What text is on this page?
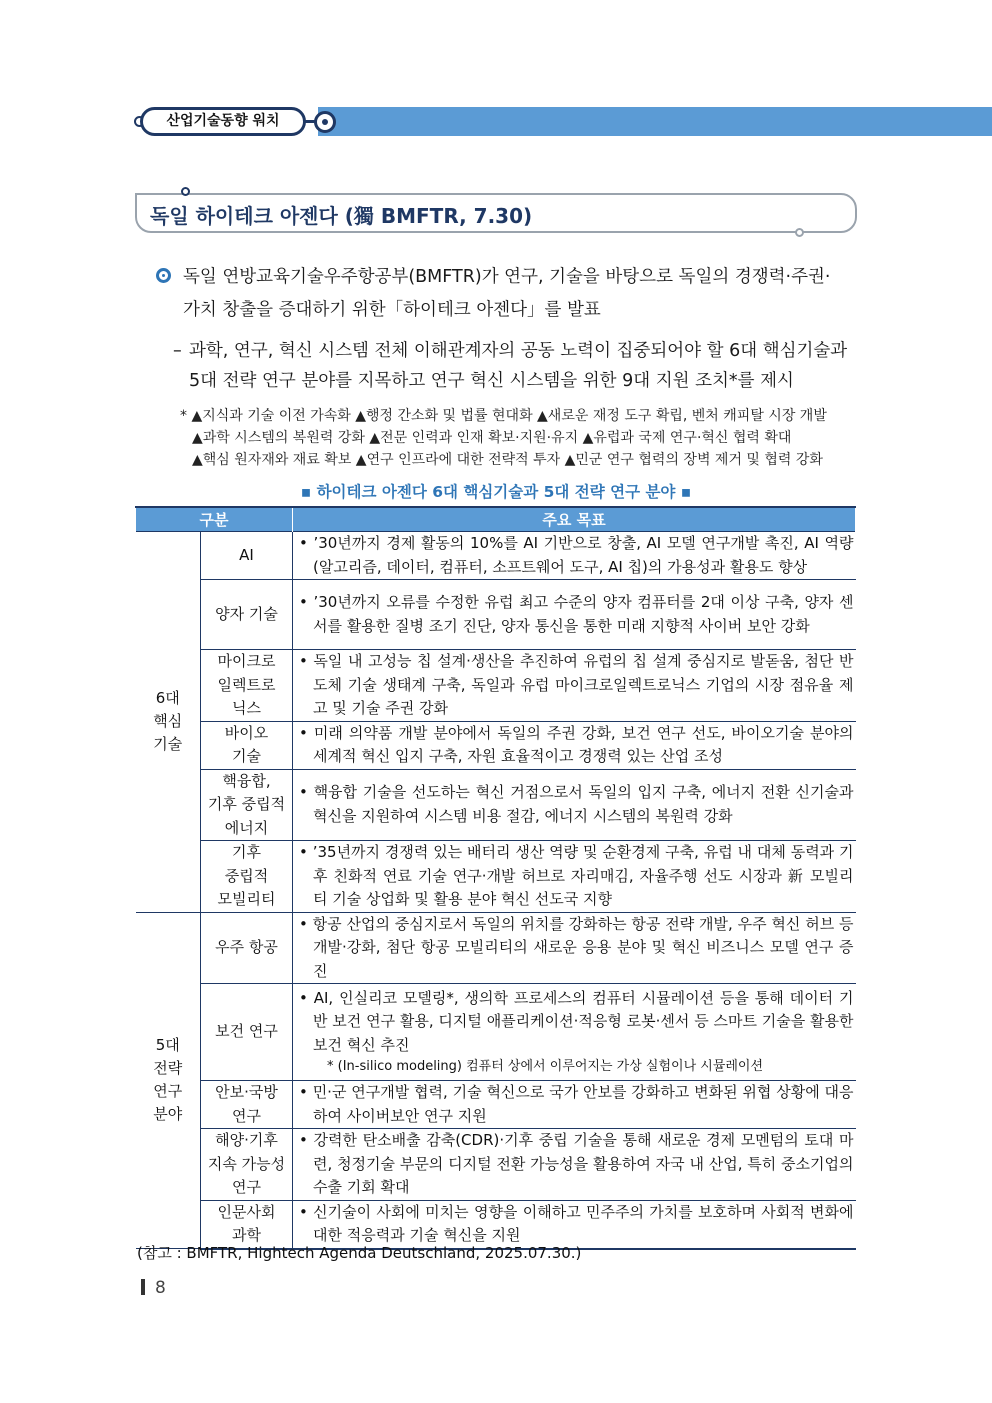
산업기술동향 워치
독일 하이테크 아젠다 (獨 BMFTR, 7.30)
독일 연방교육기술우주항공부(BMFTR)가 연구, 기술을 바탕으로 독일의 경쟁력·주권·
가치 창출을 증대하기 위한「하이테크 아젠다」를 발표
– 과학, 연구, 혁신 시스템 전체 이해관계자의 공동 노력이 집중되어야 할 6대 핵심기술과
5대 전략 연구 분야를 지목하고 연구 혁신 시스템을 위한 9대 지원 조치*를 제시
* ▲지식과 기술 이전 가속화 ▲행정 간소화 및 법률 현대화 ▲새로운 재정 도구 확립, 벤처 캐피탈 시장 개발
▲과학 시스템의 복원력 강화 ▲전문 인력과 인재 확보·지원·유지 ▲유럽과 국제 연구·혁신 협력 확대
▲핵심 원자재와 재료 확보 ▲연구 인프라에 대한 전략적 투자 ▲민군 연구 협력의 장벽 제거 및 협력 강화
▪ 하이테크 아젠다 6대 핵심기술과 5대 전략 연구 분야 ▪
구분		주요 목표
6대
핵심
기술	AI	• ’30년까지 경제 활동의 10%를 AI 기반으로 창출, AI 모델 연구개발 촉진, AI 역량(알고리즘, 데이터, 컴퓨터, 소프트웨어 도구, AI 칩)의 가용성과 활용도 향상

	양자 기술	• ’30년까지 오류를 수정한 유럽 최고 수준의 양자 컴퓨터를 2대 이상 구축, 양자 센서를 활용한 질병 조기 진단, 양자 통신을 통한 미래 지향적 사이버 보안 강화

	마이크로
일렉트로
닉스	• 독일 내 고성능 칩 설계·생산을 추진하여 유럽의 칩 설계 중심지로 발돋움, 첨단 반도체 기술 생태계 구축, 독일과 유럽 마이크로일렉트로닉스 기업의 시장 점유율 제고 및 기술 주권 강화

	바이오
기술	• 미래 의약품 개발 분야에서 독일의 주권 강화, 보건 연구 선도, 바이오기술 분야의 세계적 혁신 입지 구축, 자원 효율적이고 경쟁력 있는 산업 조성

	핵융합,
기후 중립적
에너지	• 핵융합 기술을 선도하는 혁신 거점으로서 독일의 입지 구축, 에너지 전환 신기술과 혁신을 지원하여 시스템 비용 절감, 에너지 시스템의 복원력 강화

	기후
중립적
모빌리티	• ’35년까지 경쟁력 있는 배터리 생산 역량 및 순환경제 구축, 유럽 내 대체 동력과 기후 친화적 연료 기술 연구·개발 허브로 자리매김, 자율주행 선도 시장과 新 모빌리티 기술 상업화 및 활용 분야 혁신 선도국 지향

5대
전략
연구
분야	우주 항공	• 항공 산업의 중심지로서 독일의 위치를 강화하는 항공 전략 개발, 우주 혁신 허브 등 개발·강화, 첨단 항공 모빌리티의 새로운 응용 분야 및 혁신 비즈니스 모델 연구 증진

	보건 연구	• AI, 인실리코 모델링*, 생의학 프로세스의 컴퓨터 시뮬레이션 등을 통해 데이터 기반 보건 연구 활용, 디지털 애플리케이션·적응형 로봇·센서 등 스마트 기술을 활용한 보건 혁신 추진
* (In-silico modeling) 컴퓨터 상에서 이루어지는 가상 실험이나 시뮬레이션

	안보·국방
연구	• 민·군 연구개발 협력, 기술 혁신으로 국가 안보를 강화하고 변화된 위협 상황에 대응하여 사이버보안 연구 지원

	해양·기후
지속 가능성
연구	• 강력한 탄소배출 감축(CDR)·기후 중립 기술을 통해 새로운 경제 모멘텀의 토대 마련, 청정기술 부문의 디지털 전환 가능성을 활용하여 자국 내 산업, 특히 중소기업의 수출 기회 확대

	인문사회
과학	• 신기술이 사회에 미치는 영향을 이해하고 민주주의 가치를 보호하며 사회적 변화에 대한 적응력과 기술 혁신을 지원
(참고 : BMFTR, Hightech Agenda Deutschland, 2025.07.30.)
8
